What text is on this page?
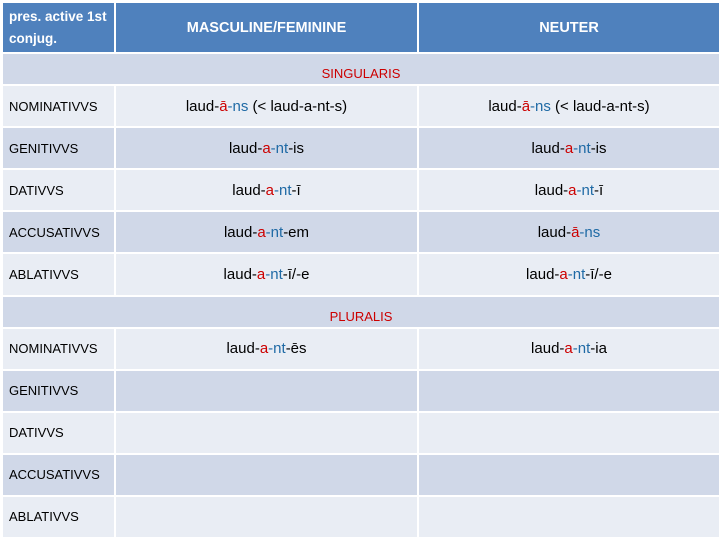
pres. active 1st conjug.	MASCULINE/FEMININE	NEUTER
SINGULARIS		
NOMINATIVVS	laud-ā-ns (< laud-a-nt-s)	laud-ā-ns (< laud-a-nt-s)
GENITIVVS	laud-a-nt-is	laud-a-nt-is
DATIVVS	laud-a-nt-ī	laud-a-nt-ī
ACCUSATIVVS	laud-a-nt-em	laud-ā-ns
ABLATIVVS	laud-a-nt-ī/-e	laud-a-nt-ī/-e
PLURALIS		
NOMINATIVVS	laud-a-nt-ēs	laud-a-nt-ia
GENITIVVS		
DATIVVS		
ACCUSATIVVS		
ABLATIVVS		
